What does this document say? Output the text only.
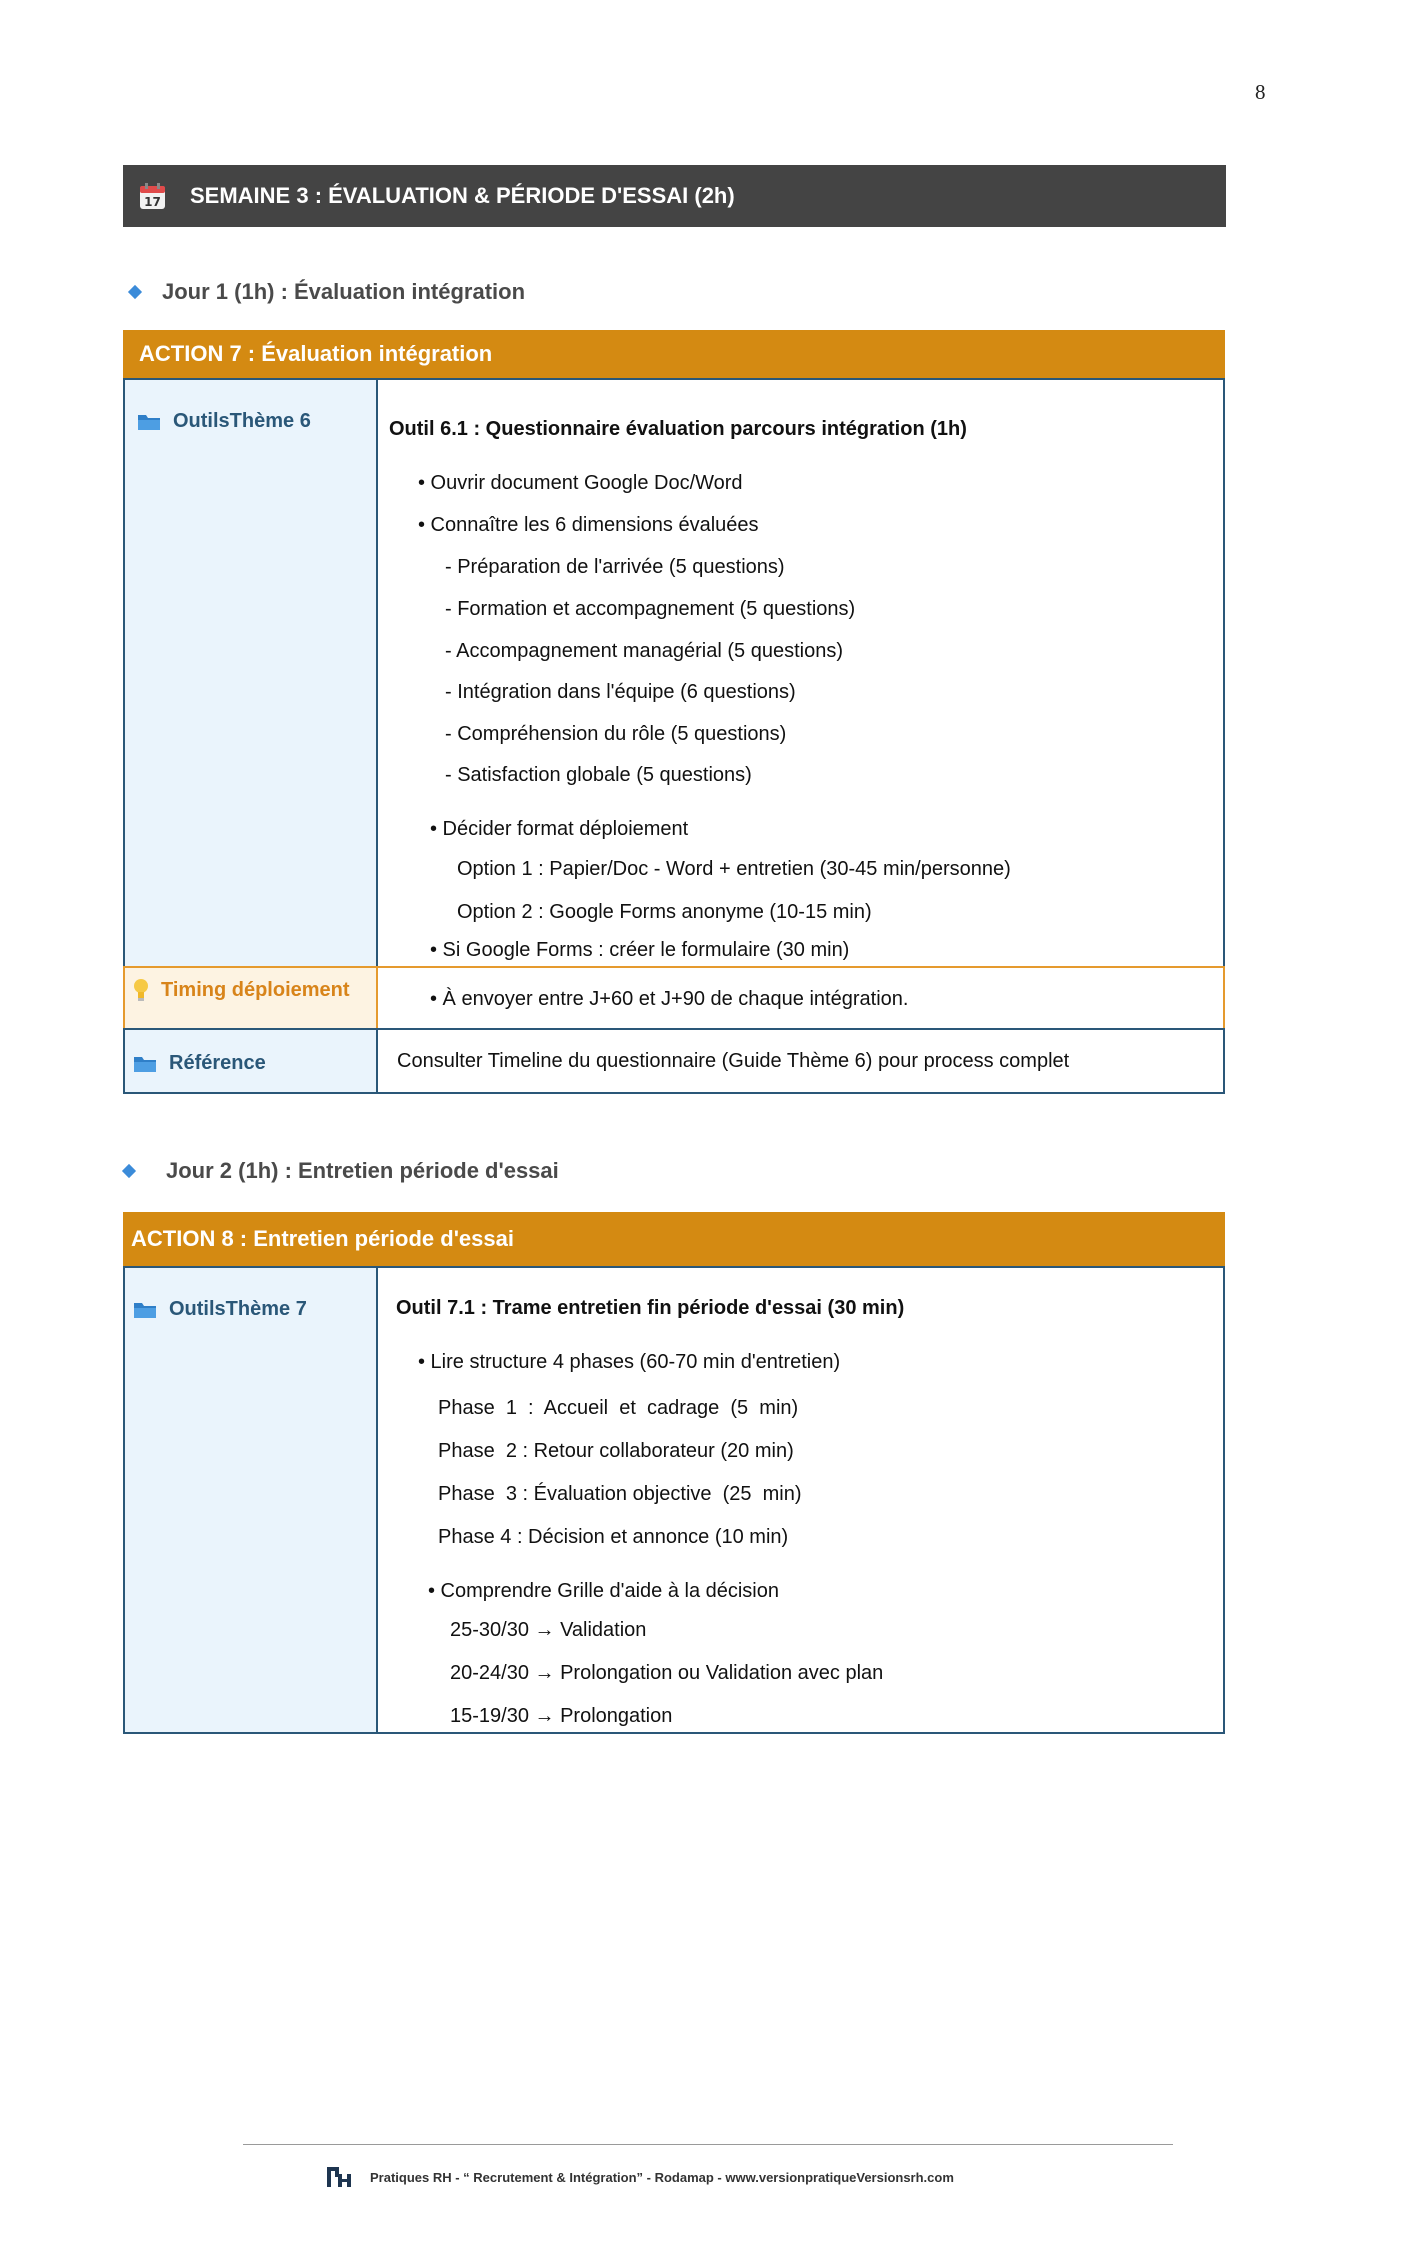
8
17 SEMAINE 3 : ÉVALUATION & PÉRIODE D'ESSAI (2h)
Jour 1 (1h) : Évaluation intégration
ACTION 7 : Évaluation intégration
OutilsThème 6	Outil 6.1 : Questionnaire évaluation parcours intégration (1h)
• Ouvrir document Google Doc/Word
• Connaître les 6 dimensions évaluées
- Préparation de l'arrivée (5 questions)
- Formation et accompagnement (5 questions)
- Accompagnement managérial (5 questions)
- Intégration dans l'équipe (6 questions)
- Compréhension du rôle (5 questions)
- Satisfaction globale (5 questions)
• Décider format déploiement
Option 1 : Papier/Doc - Word + entretien (30-45 min/personne)
Option 2 : Google Forms anonyme (10-15 min)
• Si Google Forms : créer le formulaire (30 min)
Timing déploiement	• À envoyer entre J+60 et J+90 de chaque intégration.
Référence	Consulter Timeline du questionnaire (Guide Thème 6) pour process complet
Jour 2 (1h) : Entretien période d'essai
ACTION 8 : Entretien période d'essai
OutilsThème 7	Outil 7.1 : Trame entretien fin période d'essai (30 min)
• Lire structure 4 phases (60-70 min d'entretien)
Phase  1  :  Accueil  et  cadrage  (5  min)
Phase  2 : Retour collaborateur (20 min)
Phase  3 : Évaluation objective  (25  min)
Phase 4 : Décision et annonce (10 min)
• Comprendre Grille d'aide à la décision
25-30/30 → Validation
20-24/30 → Prolongation ou Validation avec plan
15-19/30 → Prolongation
Pratiques RH - “ Recrutement & Intégration” - Rodamap - www.versionpratiqueVersionsrh.com
